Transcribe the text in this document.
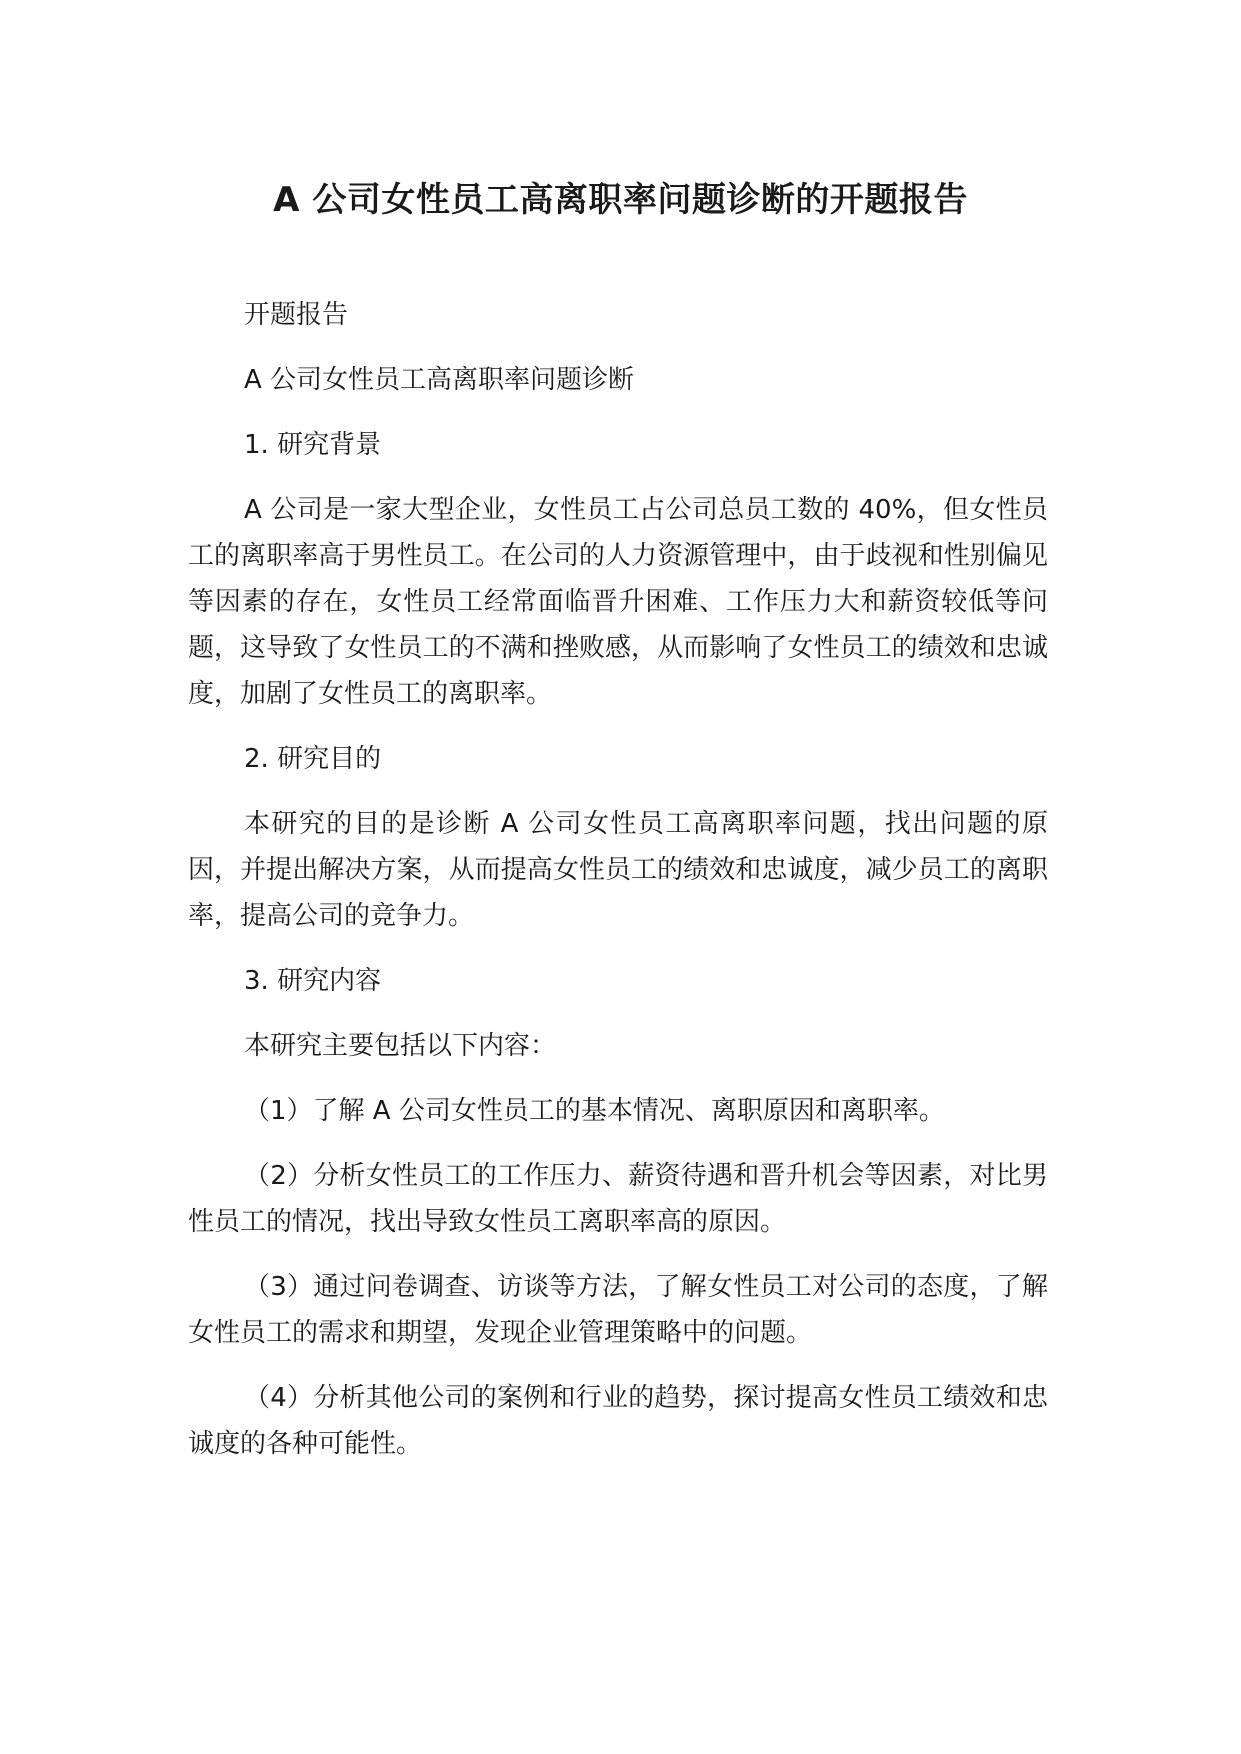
A 公司女性员工高离职率问题诊断的开题报告

开题报告

A 公司女性员工高离职率问题诊断

1. 研究背景

A 公司是一家大型企业，女性员工占公司总员工数的 40%，但女性员工的离职率高于男性员工。在公司的人力资源管理中，由于歧视和性别偏见等因素的存在，女性员工经常面临晋升困难、工作压力大和薪资较低等问题，这导致了女性员工的不满和挫败感，从而影响了女性员工的绩效和忠诚度，加剧了女性员工的离职率。

2. 研究目的

本研究的目的是诊断 A 公司女性员工高离职率问题，找出问题的原因，并提出解决方案，从而提高女性员工的绩效和忠诚度，减少员工的离职率，提高公司的竞争力。

3. 研究内容

本研究主要包括以下内容：

（1）了解 A 公司女性员工的基本情况、离职原因和离职率。

（2）分析女性员工的工作压力、薪资待遇和晋升机会等因素，对比男性员工的情况，找出导致女性员工离职率高的原因。

（3）通过问卷调查、访谈等方法，了解女性员工对公司的态度，了解女性员工的需求和期望，发现企业管理策略中的问题。

（4）分析其他公司的案例和行业的趋势，探讨提高女性员工绩效和忠诚度的各种可能性。
